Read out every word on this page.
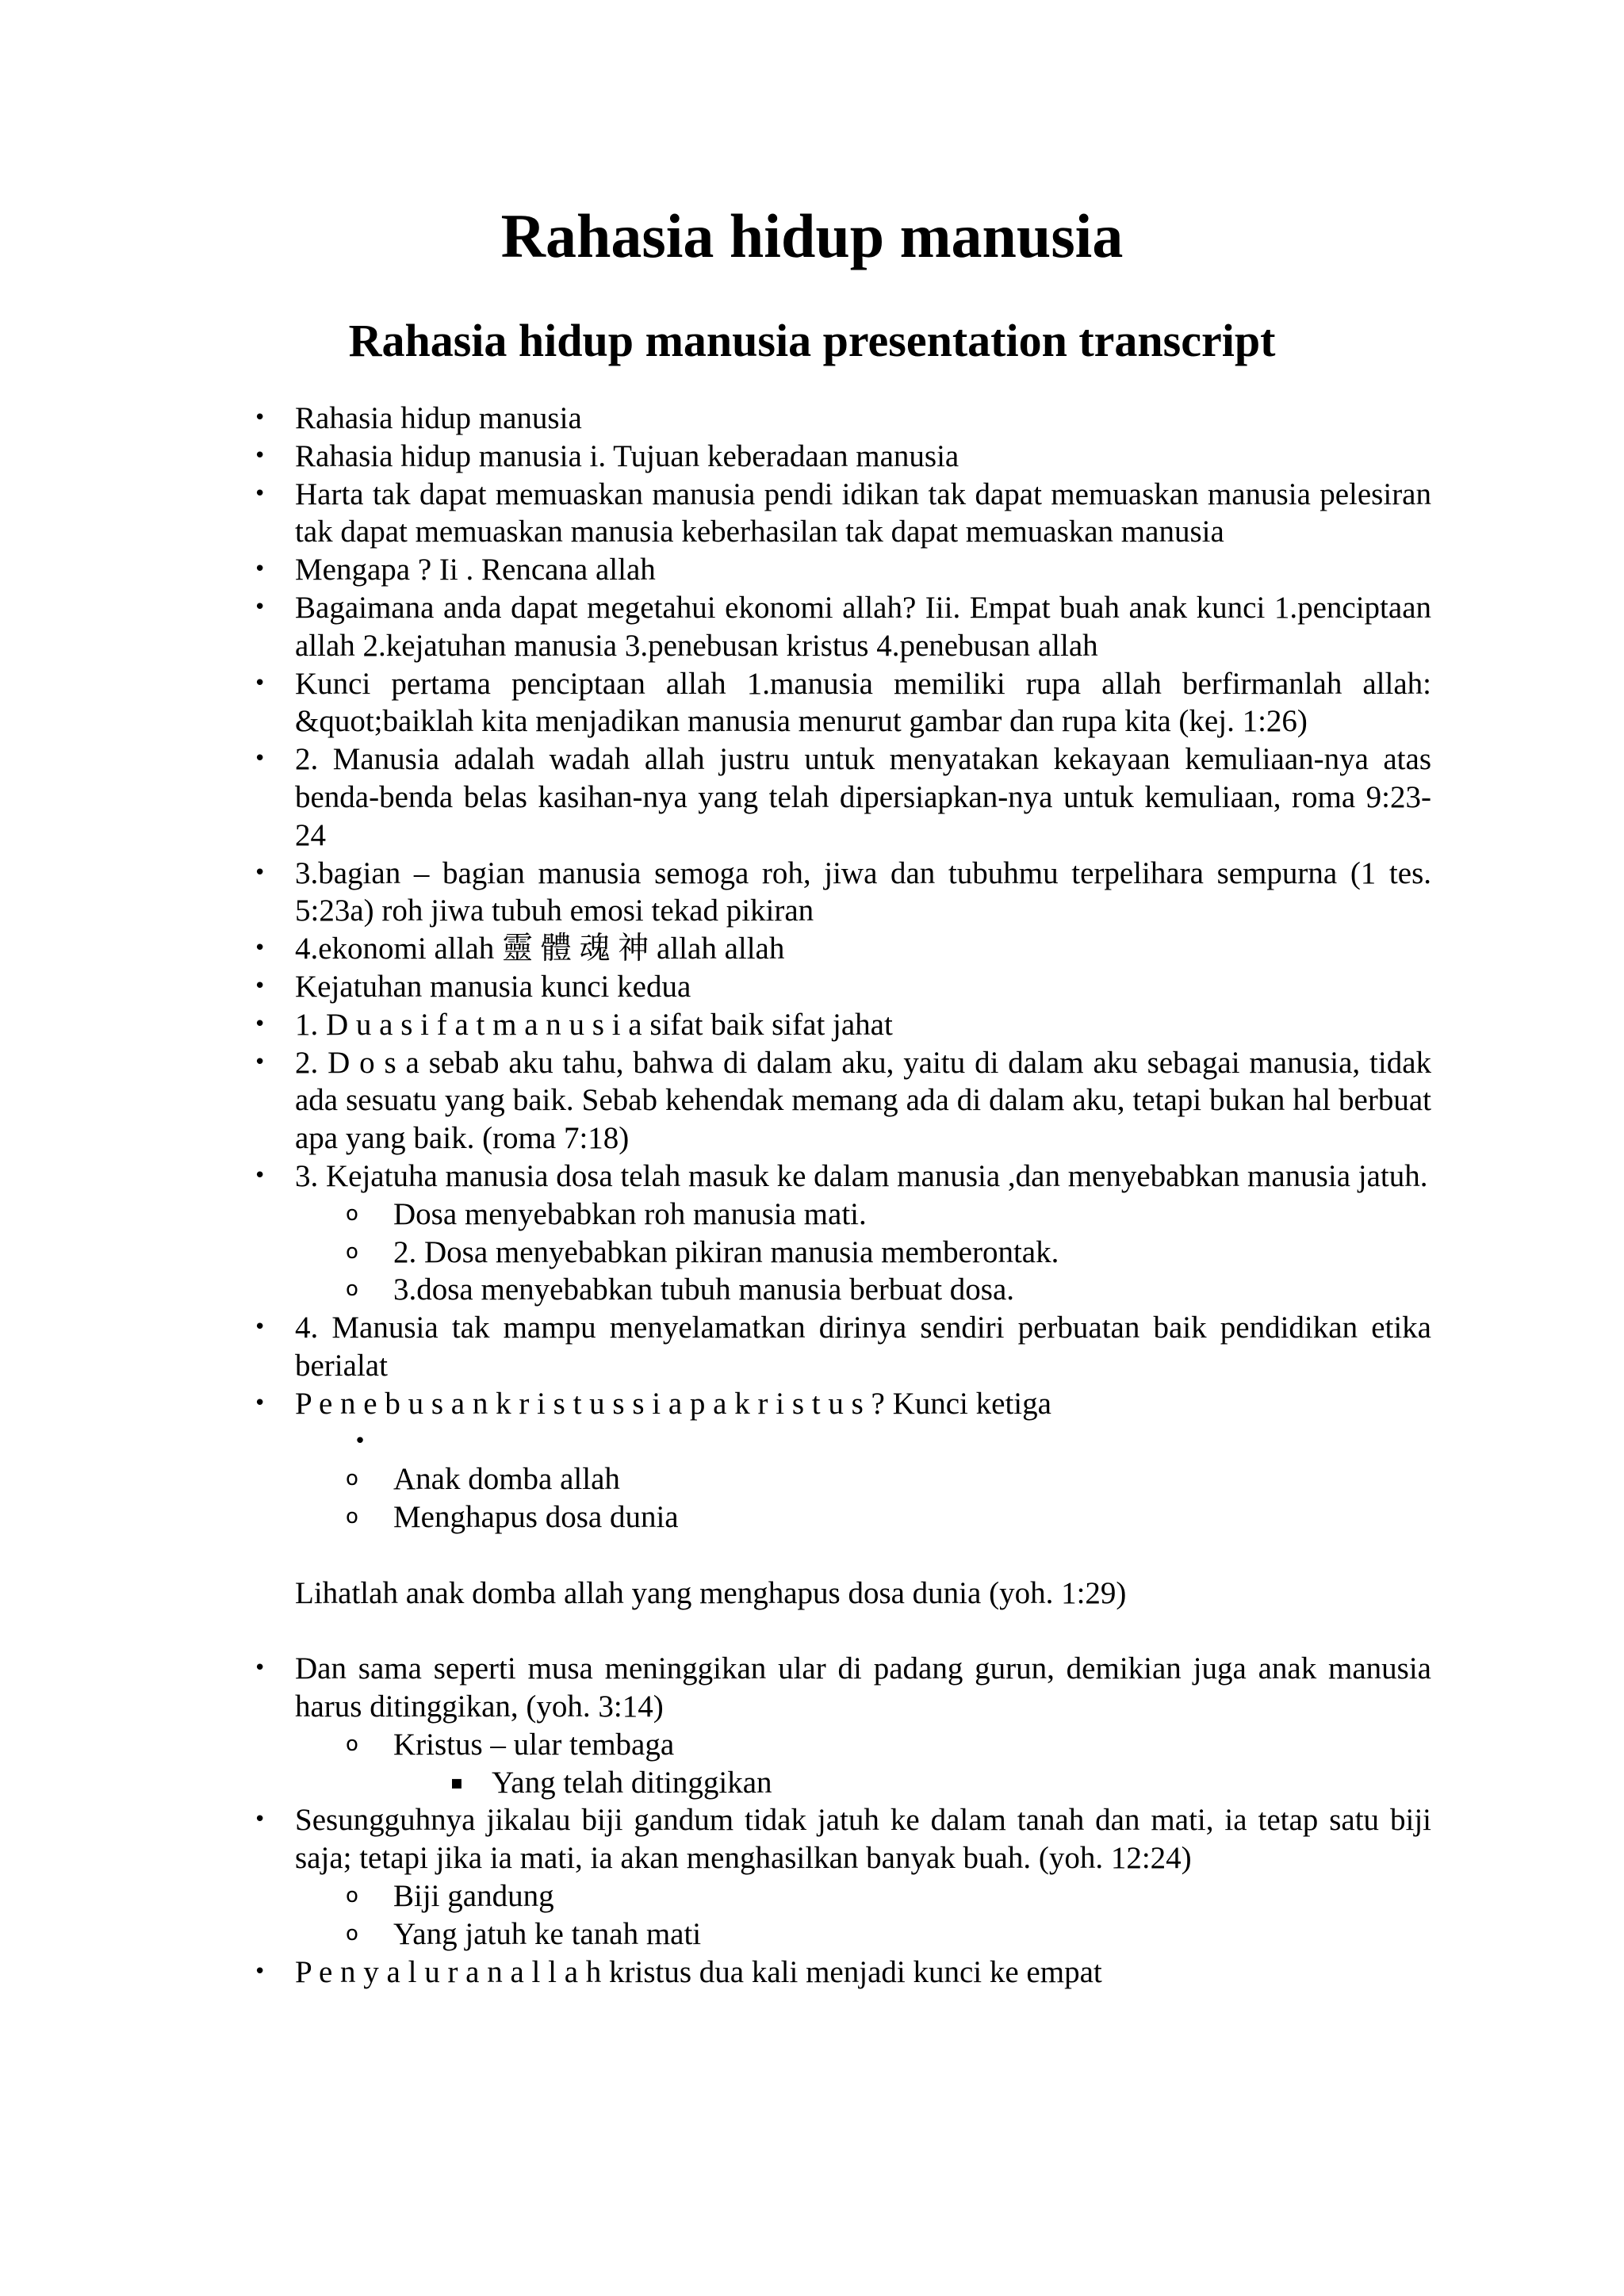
Rahasia hidup manusia
Rahasia hidup manusia presentation transcript
• Rahasia hidup manusia
• Rahasia hidup manusia i. Tujuan keberadaan manusia
• Harta tak dapat memuaskan manusia pendi idikan tak dapat memuaskan manusia pelesiran tak dapat memuaskan manusia keberhasilan tak dapat memuaskan manusia
• Mengapa ? Ii . Rencana allah
• Bagaimana anda dapat megetahui ekonomi allah? Iii. Empat buah anak kunci 1.penciptaan allah 2.kejatuhan manusia 3.penebusan kristus 4.penebusan allah
• Kunci pertama penciptaan allah 1.manusia memiliki rupa allah berfirmanlah allah: &quot;baiklah kita menjadikan manusia menurut gambar dan rupa kita (kej. 1:26)
• 2. Manusia adalah wadah allah justru untuk menyatakan kekayaan kemuliaan-nya atas benda-benda belas kasihan-nya yang telah dipersiapkan-nya untuk kemuliaan, roma 9:23-24
• 3.bagian – bagian manusia semoga roh, jiwa dan tubuhmu terpelihara sempurna (1 tes. 5:23a) roh jiwa tubuh emosi tekad pikiran
• 4.ekonomi allah 靈 體 魂 神 allah allah
• Kejatuhan manusia kunci kedua
• 1. D u a s i f a t m a n u s i a sifat baik sifat jahat
• 2. D o s a sebab aku tahu, bahwa di dalam aku, yaitu di dalam aku sebagai manusia, tidak ada sesuatu yang baik. Sebab kehendak memang ada di dalam aku, tetapi bukan hal berbuat apa yang baik. (roma 7:18)
• 3. Kejatuha manusia dosa telah masuk ke dalam manusia ,dan menyebabkan manusia jatuh.
o Dosa menyebabkan roh manusia mati.
o 2. Dosa menyebabkan pikiran manusia memberontak.
o 3.dosa menyebabkan tubuh manusia berbuat dosa.
• 4. Manusia tak mampu menyelamatkan dirinya sendiri perbuatan baik pendidikan etika berialat
• P e n e b u s a n k r i s t u s s i a p a k r i s t u s ? Kunci ketiga
•
o Anak domba allah
o Menghapus dosa dunia
Lihatlah anak domba allah yang menghapus dosa dunia (yoh. 1:29)
• Dan sama seperti musa meninggikan ular di padang gurun, demikian juga anak manusia harus ditinggikan, (yoh. 3:14)
o Kristus – ular tembaga
▪ Yang telah ditinggikan
• Sesungguhnya jikalau biji gandum tidak jatuh ke dalam tanah dan mati, ia tetap satu biji saja; tetapi jika ia mati, ia akan menghasilkan banyak buah. (yoh. 12:24)
o Biji gandung
o Yang jatuh ke tanah mati
• P e n y a l u r a n a l l a h kristus dua kali menjadi kunci ke empat
